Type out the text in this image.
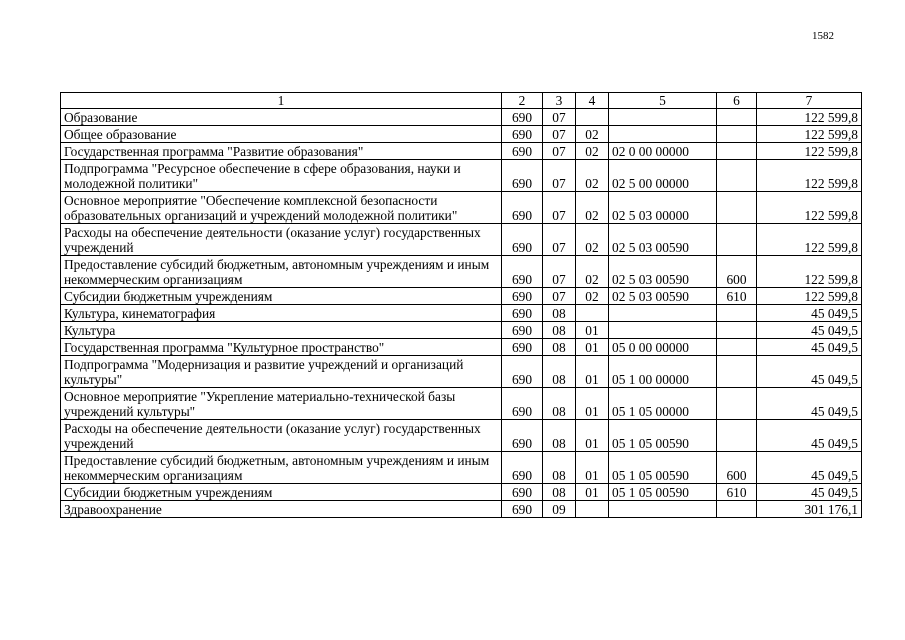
1582
1	2	3	4	5	6	7
Образование	690	07				122 599,8
Общее образование	690	07	02			122 599,8
Государственная программа "Развитие образования"	690	07	02	02 0 00 00000		122 599,8
Подпрограмма "Ресурсное обеспечение в сфере образования, науки и молодежной политики"	690	07	02	02 5 00 00000		122 599,8
Основное мероприятие "Обеспечение комплексной безопасности образовательных организаций и учреждений молодежной политики"	690	07	02	02 5 03 00000		122 599,8
Расходы на обеспечение деятельности (оказание услуг) государственных учреждений	690	07	02	02 5 03 00590		122 599,8
Предоставление субсидий бюджетным, автономным учреждениям и иным некоммерческим организациям	690	07	02	02 5 03 00590	600	122 599,8
Субсидии бюджетным учреждениям	690	07	02	02 5 03 00590	610	122 599,8
Культура, кинематография	690	08				45 049,5
Культура	690	08	01			45 049,5
Государственная программа "Культурное пространство"	690	08	01	05 0 00 00000		45 049,5
Подпрограмма "Модернизация и развитие учреждений и организаций культуры"	690	08	01	05 1 00 00000		45 049,5
Основное мероприятие "Укрепление материально-технической базы учреждений культуры"	690	08	01	05 1 05 00000		45 049,5
Расходы на обеспечение деятельности (оказание услуг) государственных учреждений	690	08	01	05 1 05 00590		45 049,5
Предоставление субсидий бюджетным, автономным учреждениям и иным некоммерческим организациям	690	08	01	05 1 05 00590	600	45 049,5
Субсидии бюджетным учреждениям	690	08	01	05 1 05 00590	610	45 049,5
Здравоохранение	690	09				301 176,1
